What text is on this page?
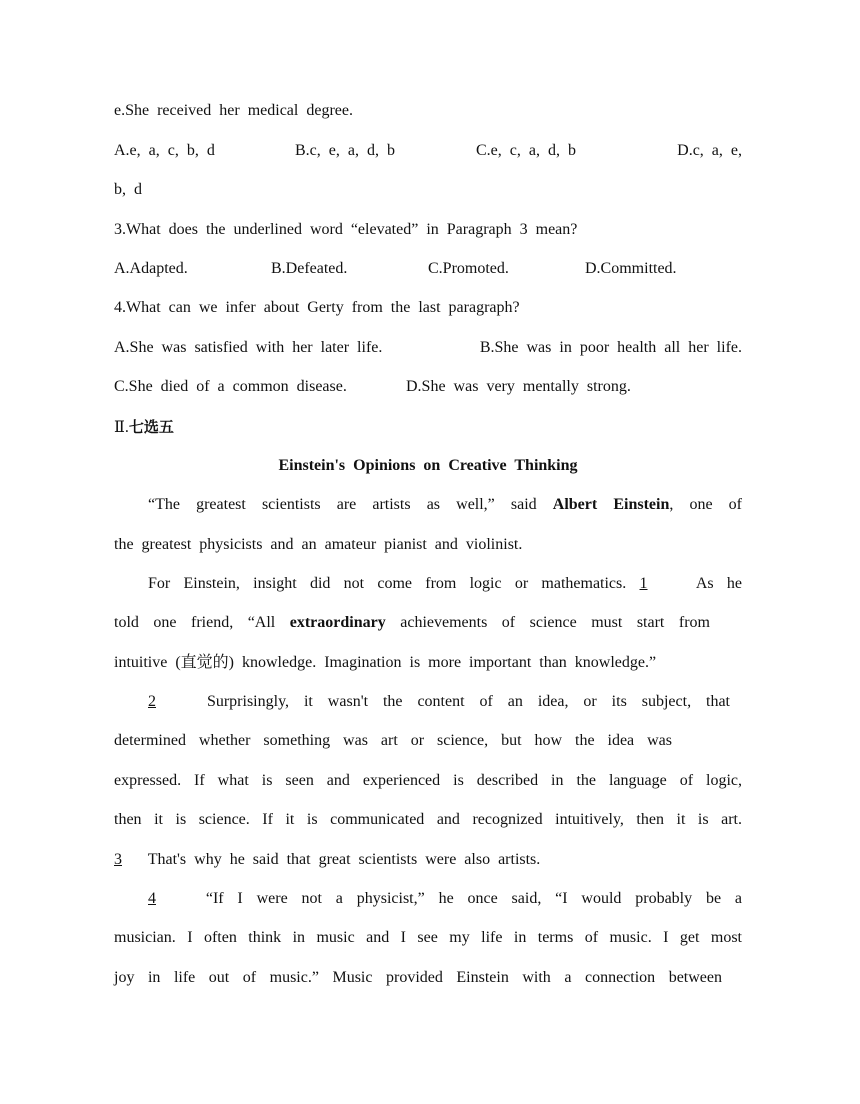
e.She received her medical degree.
A.e, a, c, b, d	B.c, e, a, d, b	C.e, c, a, d, b	D.c, a, e,
b, d
3.What does the underlined word “elevated” in Paragraph 3 mean?
A.Adapted.	B.Defeated.	C.Promoted.	D.Committed.
4.What can we infer about Gerty from the last paragraph?
A.She was satisfied with her later life.	B.She was in poor health all her life.
C.She died of a common disease.	D.She was very mentally strong.
Ⅱ.七选五
Einstein's Opinions on Creative Thinking
“The greatest scientists are artists as well,” said Albert Einstein, one of
the greatest physicists and an amateur pianist and violinist.
For Einstein, insight did not come from logic or mathematics. 1 As he
told one friend, “All extraordinary achievements of science must start from
intuitive (直觉的) knowledge. Imagination is more important than knowledge.”
2 Surprisingly, it wasn't the content of an idea, or its subject, that
determined whether something was art or science, but how the idea was
expressed. If what is seen and experienced is described in the language of logic,
then it is science. If it is communicated and recognized intuitively, then it is art.
3 That's why he said that great scientists were also artists.
4 “If I were not a physicist,” he once said, “I would probably be a
musician. I often think in music and I see my life in terms of music. I get most
joy in life out of music.” Music provided Einstein with a connection between
